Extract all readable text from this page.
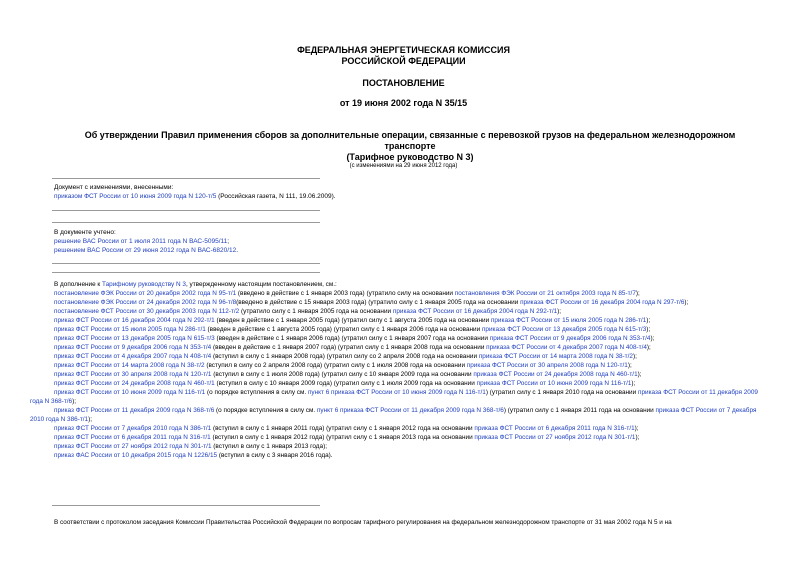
ФЕДЕРАЛЬНАЯ ЭНЕРГЕТИЧЕСКАЯ КОМИССИЯ
РОССИЙСКОЙ ФЕДЕРАЦИИ
ПОСТАНОВЛЕНИЕ
от 19 июня 2002 года N 35/15
Об утверждении Правил применения сборов за дополнительные операции, связанные с перевозкой грузов на федеральном железнодорожном транспорте
(Тарифное руководство N 3)
(с изменениями на 29 июня 2012 года)
Документ с изменениями, внесенными:
приказом ФСТ России от 10 июня 2009 года N 120-т/5 (Российская газета, N 111, 19.06.2009).
В документе учтено:
решение ВАС России от 1 июля 2011 года N ВАС-5095/11;
решением ВАС России от 29 июня 2012 года N ВАС-6820/12.
В дополнение к Тарифному руководству N 3, утвержденному настоящим постановлением, см.:
постановление ФЭК России от 20 декабря 2002 года N 95-т/1 (введено в действие с 1 января 2003 года) (утратило силу на основании постановления ФЭК России от 21 октября 2003 года N 85-т/7);
постановление ФЭК России от 24 декабря 2002 года N 96-т/8(введено в действие с 15 января 2003 года) (утратило силу с 1 января 2005 года на основании приказа ФСТ России от 16 декабря 2004 года N 297-т/6);
постановление ФСТ России от 30 декабря 2003 года N 112-т/2 (утратило силу с 1 января 2005 года на основании приказа ФСТ России от 16 декабря 2004 года N 292-т/1);
приказ ФСТ России от 16 декабря 2004 года N 292-т/1 (введен в действие с 1 января 2005 года) (утратил силу с 1 августа 2005 года на основании приказа ФСТ России от 15 июля 2005 года N 286-т/1);
приказ ФСТ России от 15 июля 2005 года N 286-т/1 (введен в действие с 1 августа 2005 года) (утратил силу с 1 января 2006 года на основании приказа ФСТ России от 13 декабря 2005 года N 615-т/3);
приказ ФСТ России от 13 декабря 2005 года N 615-т/3 (введен в действие с 1 января 2006 года) (утратил силу с 1 января 2007 года на основании приказа ФСТ России от 9 декабря 2006 года N 353-т/4);
приказ ФСТ России от 9 декабря 2006 года N 353-т/4 (введен в действие с 1 января 2007 года) (утратил силу с 1 января 2008 года на основании приказа ФСТ России от 4 декабря 2007 года N 408-т/4);
приказ ФСТ России от 4 декабря 2007 года N 408-т/4 (вступил в силу с 1 января 2008 года) (утратил силу со 2 апреля 2008 года на основании приказа ФСТ России от 14 марта 2008 года N 38-т/2);
приказ ФСТ России от 14 марта 2008 года N 38-т/2 (вступил в силу со 2 апреля 2008 года) (утратил силу с 1 июля 2008 года на основании приказа ФСТ России от 30 апреля 2008 года N 120-т/1);
приказ ФСТ России от 30 апреля 2008 года N 120-т/1 (вступил в силу с 1 июля 2008 года) (утратил силу с 10 января 2009 года на основании приказа ФСТ России от 24 декабря 2008 года N 460-т/1);
приказ ФСТ России от 24 декабря 2008 года N 460-т/1 (вступил в силу с 10 января 2009 года) (утратил силу с 1 июля 2009 года на основании приказа ФСТ России от 10 июня 2009 года N 116-т/1);
приказ ФСТ России от 10 июня 2009 года N 116-т/1 (о порядке вступления в силу см. пункт 6 приказа ФСТ России от 10 июня 2009 года N 116-т/1) (утратил силу с 1 января 2010 года на основании приказа ФСТ России от 11 декабря 2009 года N 368-т/6);
приказ ФСТ России от 11 декабря 2009 года N 368-т/6 (о порядке вступления в силу см. пункт 6 приказа ФСТ России от 11 декабря 2009 года N 368-т/6) (утратил силу с 1 января 2011 года на основании приказа ФСТ России от 7 декабря 2010 года N 386-т/1);
приказ ФСТ России от 7 декабря 2010 года N 386-т/1 (вступил в силу с 1 января 2011 года) (утратил силу с 1 января 2012 года на основании приказа ФСТ России от 6 декабря 2011 года N 316-т/1);
приказ ФСТ России от 6 декабря 2011 года N 316-т/1 (вступил в силу с 1 января 2012 года) (утратил силу с 1 января 2013 года на основании приказа ФСТ России от 27 ноября 2012 года N 301-т/1);
приказ ФСТ России от 27 ноября 2012 года N 301-т/1 (вступил в силу с 1 января 2013 года);
приказ ФАС России от 10 декабря 2015 года N 1226/15 (вступил в силу с 3 января 2016 года).
В соответствии с протоколом заседания Комиссии Правительства Российской Федерации по вопросам тарифного регулирования на федеральном железнодорожном транспорте от 31 мая 2002 года N 5 и на
